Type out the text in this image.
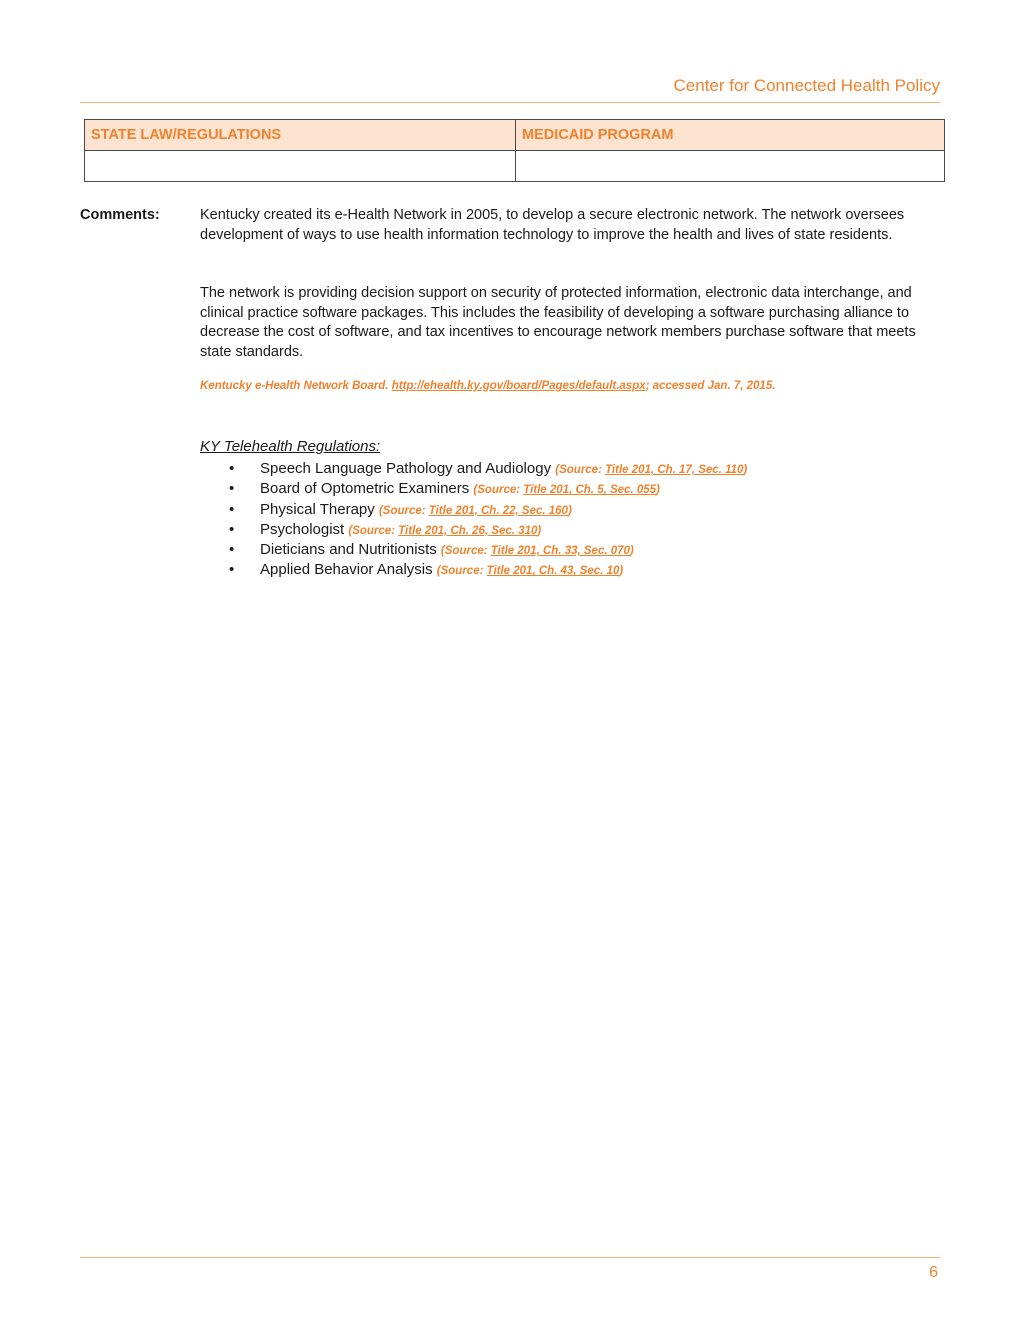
Center for Connected Health Policy
STATE LAW/REGULATIONS	MEDICAID PROGRAM

Comments:	Kentucky created its e-Health Network in 2005, to develop a secure electronic network. The network oversees development of ways to use health information technology to improve the health and lives of state residents.

The network is providing decision support on security of protected information, electronic data interchange, and clinical practice software packages. This includes the feasibility of developing a software purchasing alliance to decrease the cost of software, and tax incentives to encourage network members purchase software that meets state standards.

Kentucky e-Health Network Board. http://ehealth.ky.gov/board/Pages/default.aspx; accessed Jan. 7, 2015.
KY Telehealth Regulations:
• Speech Language Pathology and Audiology (Source: Title 201, Ch. 17, Sec. 110)
• Board of Optometric Examiners (Source: Title 201, Ch. 5, Sec. 055)
• Physical Therapy (Source: Title 201, Ch. 22, Sec. 160)
• Psychologist (Source: Title 201, Ch. 26, Sec. 310)
• Dieticians and Nutritionists (Source: Title 201, Ch. 33, Sec. 070)
• Applied Behavior Analysis (Source: Title 201, Ch. 43, Sec. 10)
6
